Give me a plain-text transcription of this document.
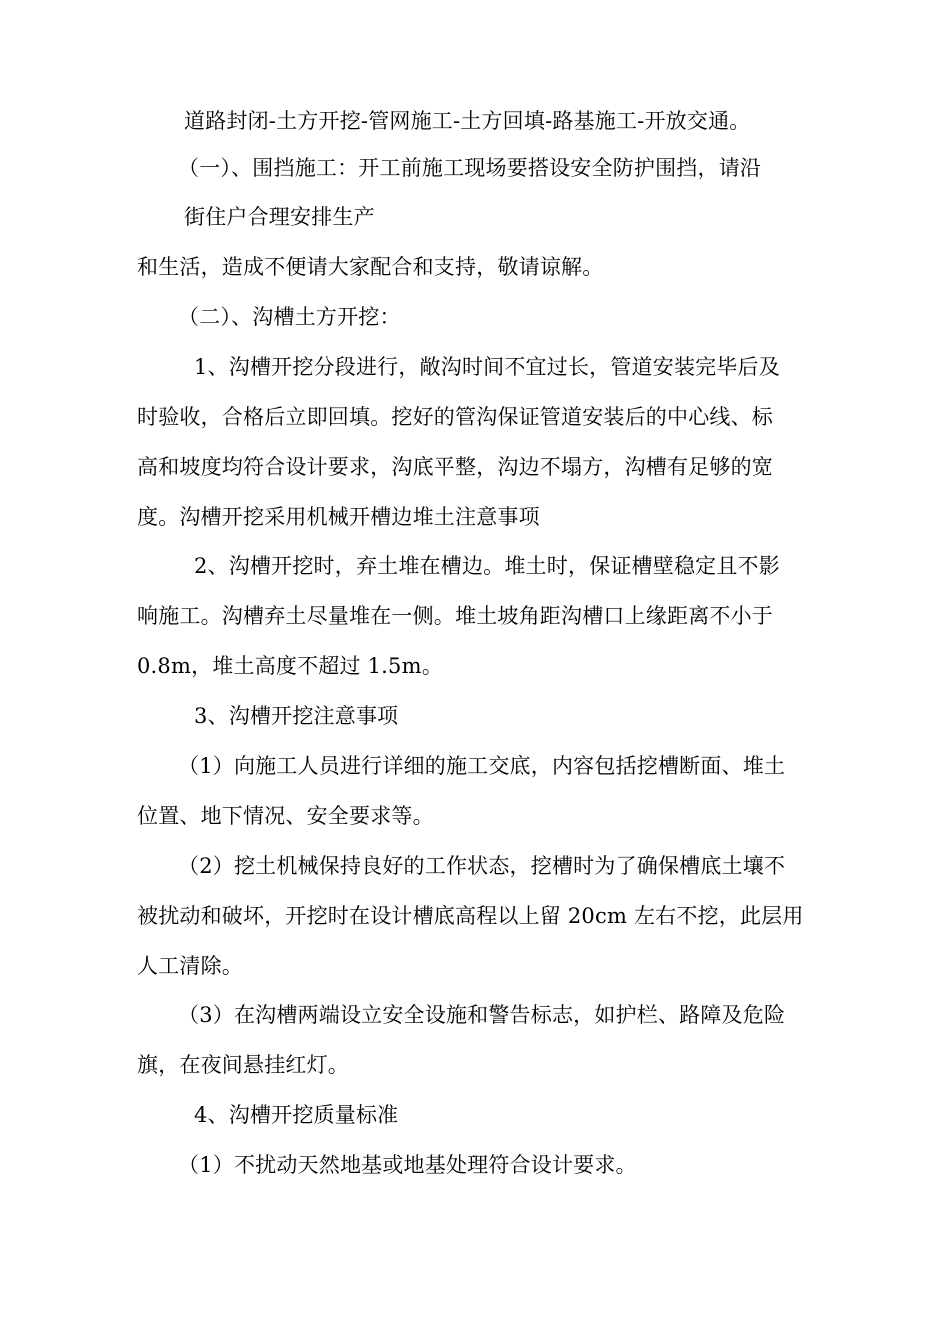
道路封闭-土方开挖-管网施工-土方回填-路基施工-开放交通。
（一）、围挡施工：开工前施工现场要搭设安全防护围挡，请沿
街住户合理安排生产
和生活，造成不便请大家配合和支持，敬请谅解。
（二）、沟槽土方开挖：
1、沟槽开挖分段进行，敞沟时间不宜过长，管道安装完毕后及
时验收，合格后立即回填。挖好的管沟保证管道安装后的中心线、标
高和坡度均符合设计要求，沟底平整，沟边不塌方，沟槽有足够的宽
度。沟槽开挖采用机械开槽边堆土注意事项
2、沟槽开挖时，弃土堆在槽边。堆土时，保证槽壁稳定且不影
响施工。沟槽弃土尽量堆在一侧。堆土坡角距沟槽口上缘距离不小于
0.8m，堆土高度不超过 1.5m。
3、沟槽开挖注意事项
（1）向施工人员进行详细的施工交底，内容包括挖槽断面、堆土
位置、地下情况、安全要求等。
（2）挖土机械保持良好的工作状态，挖槽时为了确保槽底土壤不
被扰动和破坏，开挖时在设计槽底高程以上留 20cm 左右不挖，此层用
人工清除。
（3）在沟槽两端设立安全设施和警告标志，如护栏、路障及危险
旗，在夜间悬挂红灯。
4、沟槽开挖质量标准
（1）不扰动天然地基或地基处理符合设计要求。
